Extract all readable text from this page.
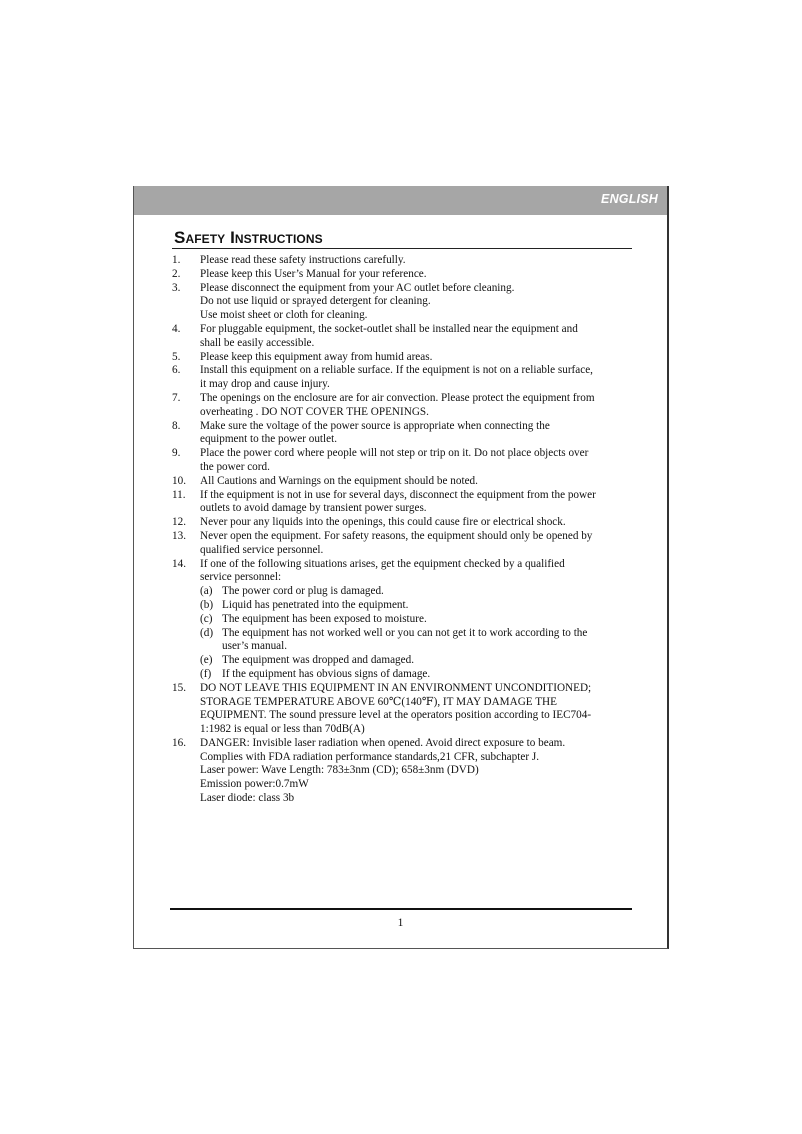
ENGLISH
Safety Instructions
1. Please read these safety instructions carefully.
2. Please keep this User’s Manual for your reference.
3. Please disconnect the equipment from your AC outlet before cleaning.
Do not use liquid or sprayed detergent for cleaning.
Use moist sheet or cloth for cleaning.
4. For pluggable equipment, the socket-outlet shall be installed near the equipment and
shall be easily accessible.
5. Please keep this equipment away from humid areas.
6. Install this equipment on a reliable surface. If the equipment is not on a reliable surface,
it may drop and cause injury.
7. The openings on the enclosure are for air convection. Please protect the equipment from
overheating . DO NOT COVER THE OPENINGS.
8. Make sure the voltage of the power source is appropriate when connecting the
equipment to the power outlet.
9. Place the power cord where people will not step or trip on it. Do not place objects over
the power cord.
10. All Cautions and Warnings on the equipment should be noted.
11. If the equipment is not in use for several days, disconnect the equipment from the power
outlets to avoid damage by transient power surges.
12. Never pour any liquids into the openings, this could cause fire or electrical shock.
13. Never open the equipment. For safety reasons, the equipment should only be opened by
qualified service personnel.
14. If one of the following situations arises, get the equipment checked by a qualified
service personnel:
(a) The power cord or plug is damaged.
(b) Liquid has penetrated into the equipment.
(c) The equipment has been exposed to moisture.
(d) The equipment has not worked well or you can not get it to work according to the
user’s manual.
(e) The equipment was dropped and damaged.
(f) If the equipment has obvious signs of damage.
15. DO NOT LEAVE THIS EQUIPMENT IN AN ENVIRONMENT UNCONDITIONED;
STORAGE TEMPERATURE ABOVE 60℃(140℉), IT MAY DAMAGE THE
EQUIPMENT. The sound pressure level at the operators position according to IEC704-
1:1982 is equal or less than 70dB(A)
16. DANGER: Invisible laser radiation when opened. Avoid direct exposure to beam.
Complies with FDA radiation performance standards,21 CFR, subchapter J.
Laser power: Wave Length: 783±3nm (CD); 658±3nm (DVD)
Emission power:0.7mW
Laser diode: class 3b
1
